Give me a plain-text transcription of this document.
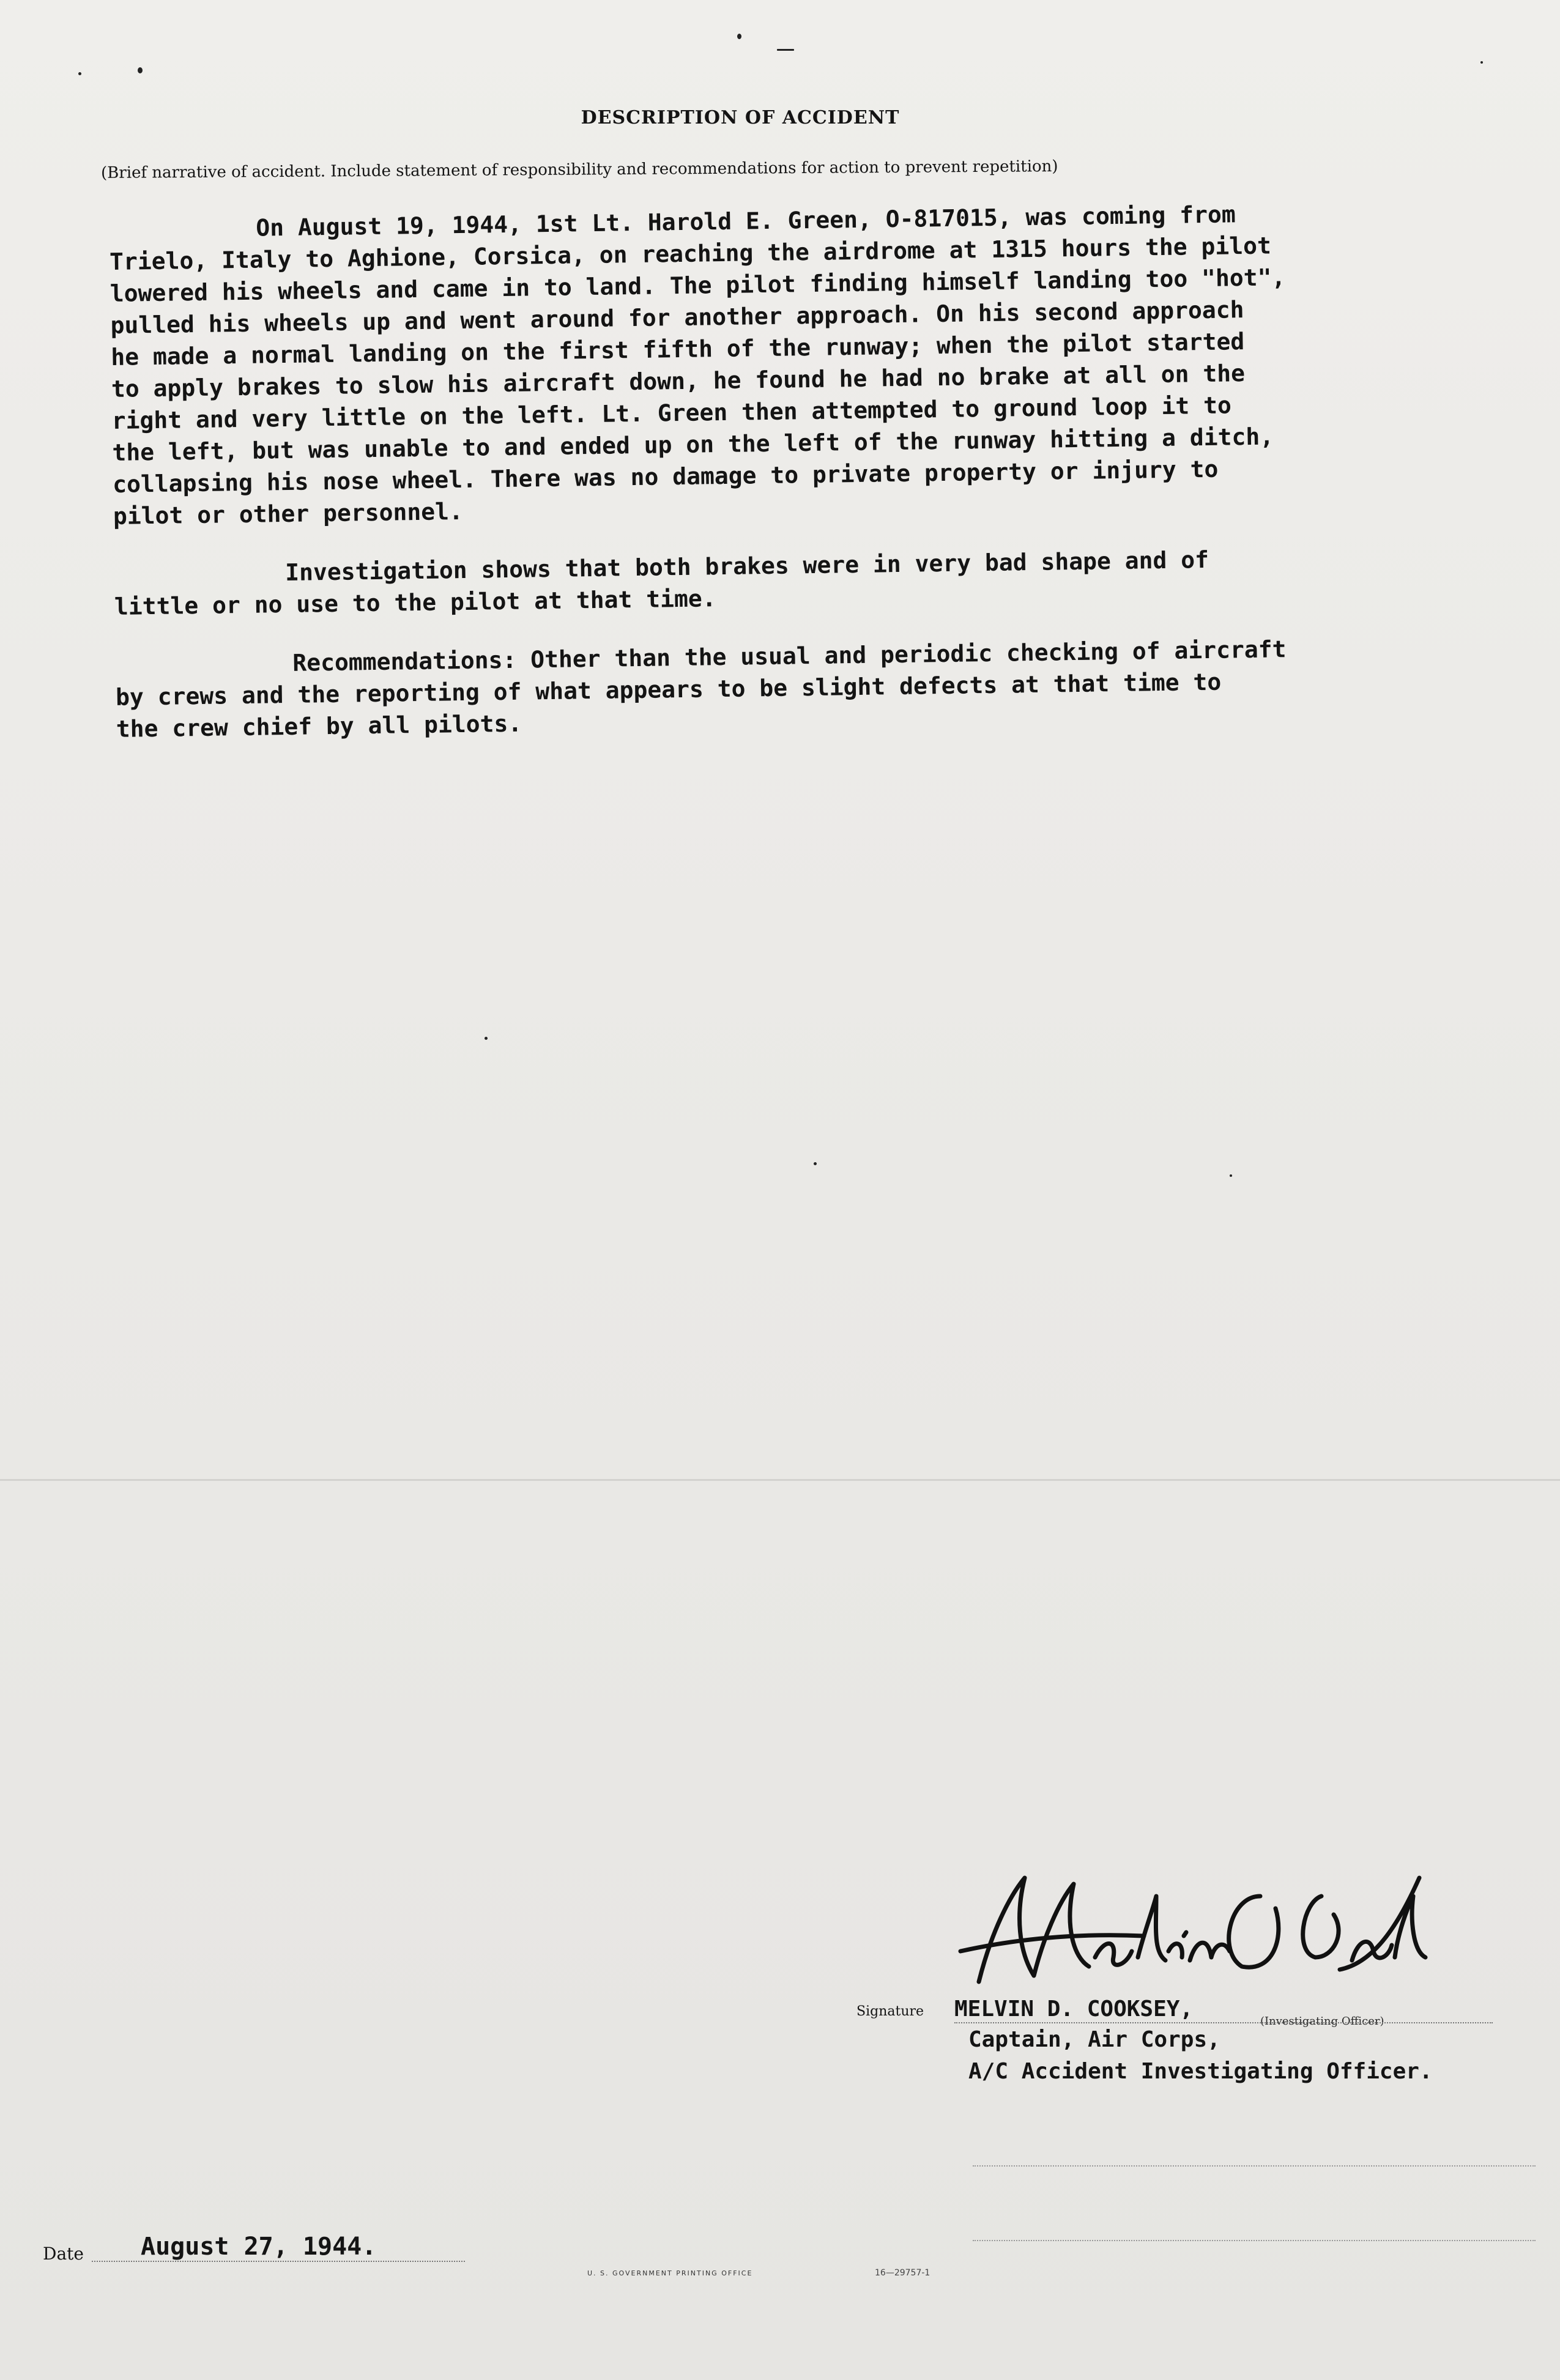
DESCRIPTION OF ACCIDENT
(Brief narrative of accident. Include statement of responsibility and recommendations for action to prevent repetition)

On August 19, 1944, 1st Lt. Harold E. Green, O-817015, was coming from
Trielo, Italy to Aghione, Corsica, on reaching the airdrome at 1315 hours the pilot
lowered his wheels and came in to land. The pilot finding himself landing too "hot",
pulled his wheels up and went around for another approach. On his second approach
he made a normal landing on the first fifth of the runway; when the pilot started
to apply brakes to slow his aircraft down, he found he had no brake at all on the
right and very little on the left. Lt. Green then attempted to ground loop it to
the left, but was unable to and ended up on the left of the runway hitting a ditch,
collapsing his nose wheel. There was no damage to private property or injury to
pilot or other personnel.

Investigation shows that both brakes were in very bad shape and of
little or no use to the pilot at that time.

Recommendations: Other than the usual and periodic checking of aircraft
by crews and the reporting of what appears to be slight defects at that time to
the crew chief by all pilots.

Signature MELVIN D. COOKSEY,	(Investigating Officer)
Captain, Air Corps,
A/C Accident Investigating Officer.
Date August 27, 1944.
U. S. GOVERNMENT PRINTING OFFICE	16—29757-1
